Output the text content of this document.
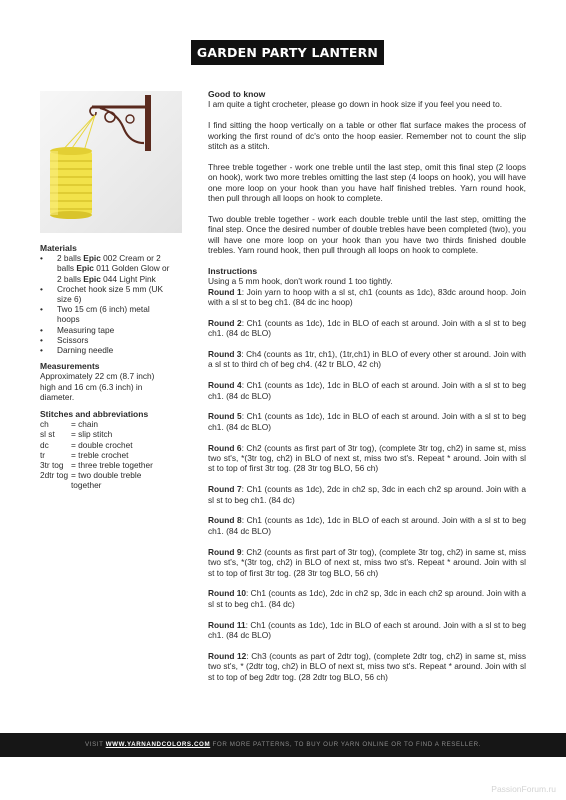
GARDEN PARTY LANTERN
Materials
• 2 balls Epic 002 Cream or 2 balls Epic 011 Golden Glow or 2 balls Epic 044 Light Pink
• Crochet hook size 5 mm (UK size 6)
• Two 15 cm (6 inch) metal hoops
• Measuring tape
• Scissors
• Darning needle
Measurements

Approximately 22 cm (8.7 inch) high and 16 cm (6.3 inch) in diameter.

Stitches and abbreviations
ch	= chain
sl st	= slip stitch
dc	= double crochet
tr	= treble crochet
3tr tog = three treble together
2dtr tog = two double treble together
Good to know

I am quite a tight crocheter, please go down in hook size if you feel you need to.

I find sitting the hoop vertically on a table or other flat surface makes the process of working the first round of dc's onto the hoop easier. Remember not to count the slip stitch as a stitch.

Three treble together - work one treble until the last step, omit this final step (2 loops on hook), work two more trebles omitting the last step (4 loops on hook), you will have one more loop on your hook than you have half finished trebles. Yarn round hook, then pull through all loops on hook to complete.

Two double treble together - work each double treble until the last step, omitting the final step. Once the desired number of double trebles have been completed (two), you will have one more loop on your hook than you have two thirds finished double trebles. Yarn round hook, then pull through all loops on hook to complete.

Instructions

Using a 5 mm hook, don't work round 1 too tightly.

Round 1: Join yarn to hoop with a sl st, ch1 (counts as 1dc), 83dc around hoop. Join with a sl st to beg ch1. (84 dc inc hoop)

Round 2: Ch1 (counts as 1dc), 1dc in BLO of each st around. Join with a sl st to beg ch1. (84 dc BLO)

Round 3: Ch4 (counts as 1tr, ch1), (1tr,ch1) in BLO of every other st around. Join with a sl st to third ch of beg ch4. (42 tr BLO, 42 ch)

Round 4: Ch1 (counts as 1dc), 1dc in BLO of each st around. Join with a sl st to beg ch1. (84 dc BLO)

Round 5: Ch1 (counts as 1dc), 1dc in BLO of each st around. Join with a sl st to beg ch1. (84 dc BLO)

Round 6: Ch2 (counts as first part of 3tr tog), (complete 3tr tog, ch2) in same st, miss two st's, *(3tr tog, ch2) in BLO of next st, miss two st's. Repeat * around. Join with sl st to top of first 3tr tog. (28 3tr tog BLO, 56 ch)

Round 7: Ch1 (counts as 1dc), 2dc in ch2 sp, 3dc in each ch2 sp around. Join with a sl st to beg ch1. (84 dc)

Round 8: Ch1 (counts as 1dc), 1dc in BLO of each st around. Join with a sl st to beg ch1. (84 dc BLO)

Round 9: Ch2 (counts as first part of 3tr tog), (complete 3tr tog, ch2) in same st, miss two st's, *(3tr tog, ch2) in BLO of next st, miss two st's. Repeat * around. Join with sl st to top of first 3tr tog. (28 3tr tog BLO, 56 ch)

Round 10: Ch1 (counts as 1dc), 2dc in ch2 sp, 3dc in each ch2 sp around. Join with a sl st to beg ch1. (84 dc)

Round 11: Ch1 (counts as 1dc), 1dc in BLO of each st around. Join with a sl st to beg ch1. (84 dc BLO)

Round 12: Ch3 (counts as part of 2dtr tog), (complete 2dtr tog, ch2) in same st, miss two st's, * (2dtr tog, ch2) in BLO of next st, miss two st's. Repeat * around. Join with sl st to top of beg 2dtr tog. (28 2dtr tog BLO, 56 ch)

VISIT WWW.YARNANDCOLORS.COM FOR MORE PATTERNS, TO BUY OUR YARN ONLINE OR TO FIND A RESELLER.
PassionForum.ru
